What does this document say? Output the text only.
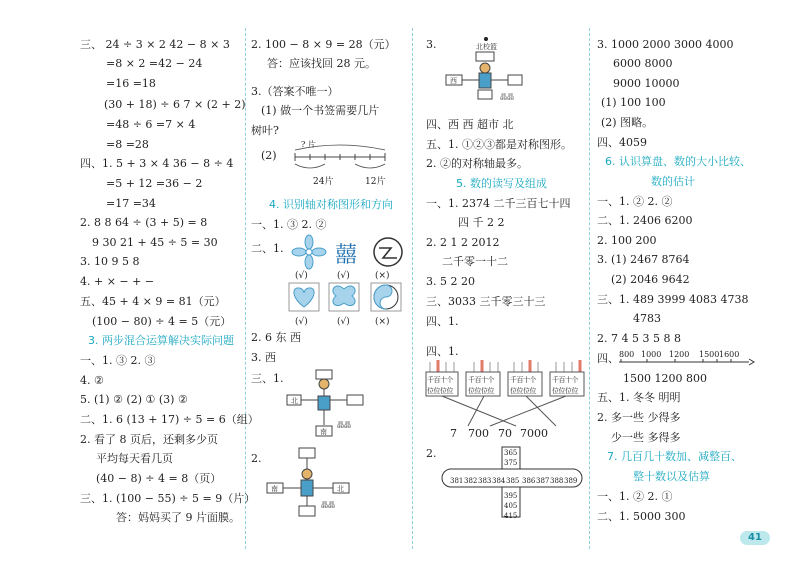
三、 24 ÷ 3 × 2 42 − 8 × 3
=8 × 2 =42 − 24
=16 =18
(30 + 18) ÷ 6 7 × (2 + 2)
=48 ÷ 6 =7 × 4
=8 =28
四、1. 5 + 3 × 4 36 − 8 ÷ 4
=5 + 12 =36 − 2
=17 =34
2. 8 8 64 ÷ (3 + 5) = 8
9 30 21 + 45 ÷ 5 = 30
3. 10 9 5 8
4. + × − + −
五、45 + 4 × 9 = 81（元）
(100 − 80) ÷ 4 = 5（元）
3. 两步混合运算解决实际问题
一、1. ③ 2. ③
4. ②
5. (1) ② (2) ① (3) ②
二、1. 6 (13 + 17) ÷ 5 = 6（组）
2. 看了 8 页后，还剩多少页
平均每天看几页
(40 − 8) ÷ 4 = 8（页）
三、1. (100 − 55) ÷ 5 = 9（片）
答：妈妈买了 9 片面膜。
2. 100 − 8 × 9 = 28（元）
答：应该找回 28 元。
3.（答案不唯一）
(1) 做一个书签需要几片
树叶?
(2)
? 片
24片	12片
4. 识别轴对称图形和方向
一、1. ③ 2. ②
二、1. 囍
(√)	(√)	(×)
(√)	(√)	(×)
2. 6 东 西
3. 西
三、1.
北
南
晶晶
2.
南	北
晶晶
3.	北校篮
西
晶晶
四、西 西 超市 北
五、1. ①②③都是对称图形。
2. ②的对称轴最多。
5. 数的读写及组成
一、1. 2374 二千三百七十四
四 千 2 2
2. 2 1 2 2012
二千零一十二
3. 5 2 20
三、3033 三千零三十三
四、1.
四、1.
千百十个
位位位位
千百十个
位位位位
千百十个
位位位位
千百十个
位位位位
7 700 70 7000
2.	365
375
381 382 383 384 385 386 387 388 389
395
405
415
3. 1000 2000 3000 4000
6000 8000
9000 10000
(1) 100 100
(2) 图略。
四、4059
6. 认识算盘、数的大小比较、
数的估计
一、1. ② 2. ②
二、1. 2406 6200
2. 100 200
3. (1) 2467 8764
(2) 2046 9642
三、1. 489 3999 4083 4738
4783
2. 7 4 5 3 5 8 8
四、 800 1000 1200 1500 1600
1500 1200 800
五、1. 冬冬 明明
2. 多一些 少得多
少一些 多得多
7. 几百几十数加、减整百、
整十数以及估算
一、1. ② 2. ①
二、1. 5000 300
41
